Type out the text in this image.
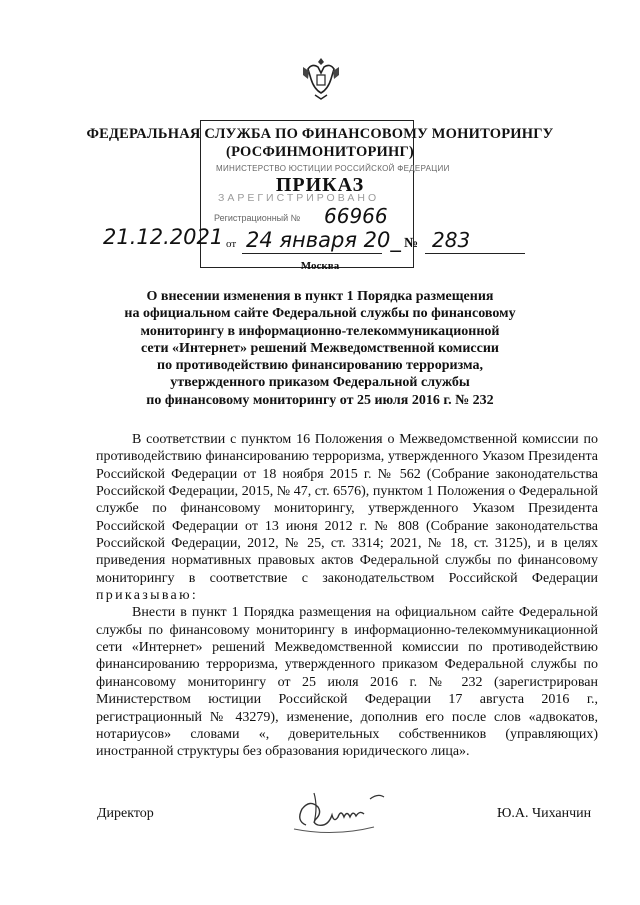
ФЕДЕРАЛЬНАЯ СЛУЖБА ПО ФИНАНСОВОМУ МОНИТОРИНГУ
(РОСФИНМОНИТОРИНГ)
МИНИСТЕРСТВО ЮСТИЦИИ РОССИЙСКОЙ ФЕДЕРАЦИИ
ЗАРЕГИСТРИРОВАНО
Регистрационный № 66966
ПРИКАЗ
21.12.2021 от 24 января 20_ № 283
Москва
О внесении изменения в пункт 1 Порядка размещения
на официальном сайте Федеральной службы по финансовому
мониторингу в информационно-телекоммуникационной
сети «Интернет» решений Межведомственной комиссии
по противодействию финансированию терроризма,
утвержденного приказом Федеральной службы
по финансовому мониторингу от 25 июля 2016 г. № 232

В соответствии с пунктом 16 Положения о Межведомственной комиссии по противодействию финансированию терроризма, утвержденного Указом Президента Российской Федерации от 18 ноября 2015 г. № 562 (Собрание законодательства Российской Федерации, 2015, № 47, ст. 6576), пунктом 1 Положения о Федеральной службе по финансовому мониторингу, утвержденного Указом Президента Российской Федерации от 13 июня 2012 г. № 808 (Собрание законодательства Российской Федерации, 2012, № 25, ст. 3314; 2021, № 18, ст. 3125), и в целях приведения нормативных правовых актов Федеральной службы по финансовому мониторингу в соответствие с законодательством Российской Федерации приказываю:

Внести в пункт 1 Порядка размещения на официальном сайте Федеральной службы по финансовому мониторингу в информационно-телекоммуникационной сети «Интернет» решений Межведомственной комиссии по противодействию финансированию терроризма, утвержденного приказом Федеральной службы по финансовому мониторингу от 25 июля 2016 г. № 232 (зарегистрирован Министерством юстиции Российской Федерации 17 августа 2016 г., регистрационный № 43279), изменение, дополнив его после слов «адвокатов, нотариусов» словами «, доверительных собственников (управляющих) иностранной структуры без образования юридического лица».

Директор	Ю.А. Чиханчин
